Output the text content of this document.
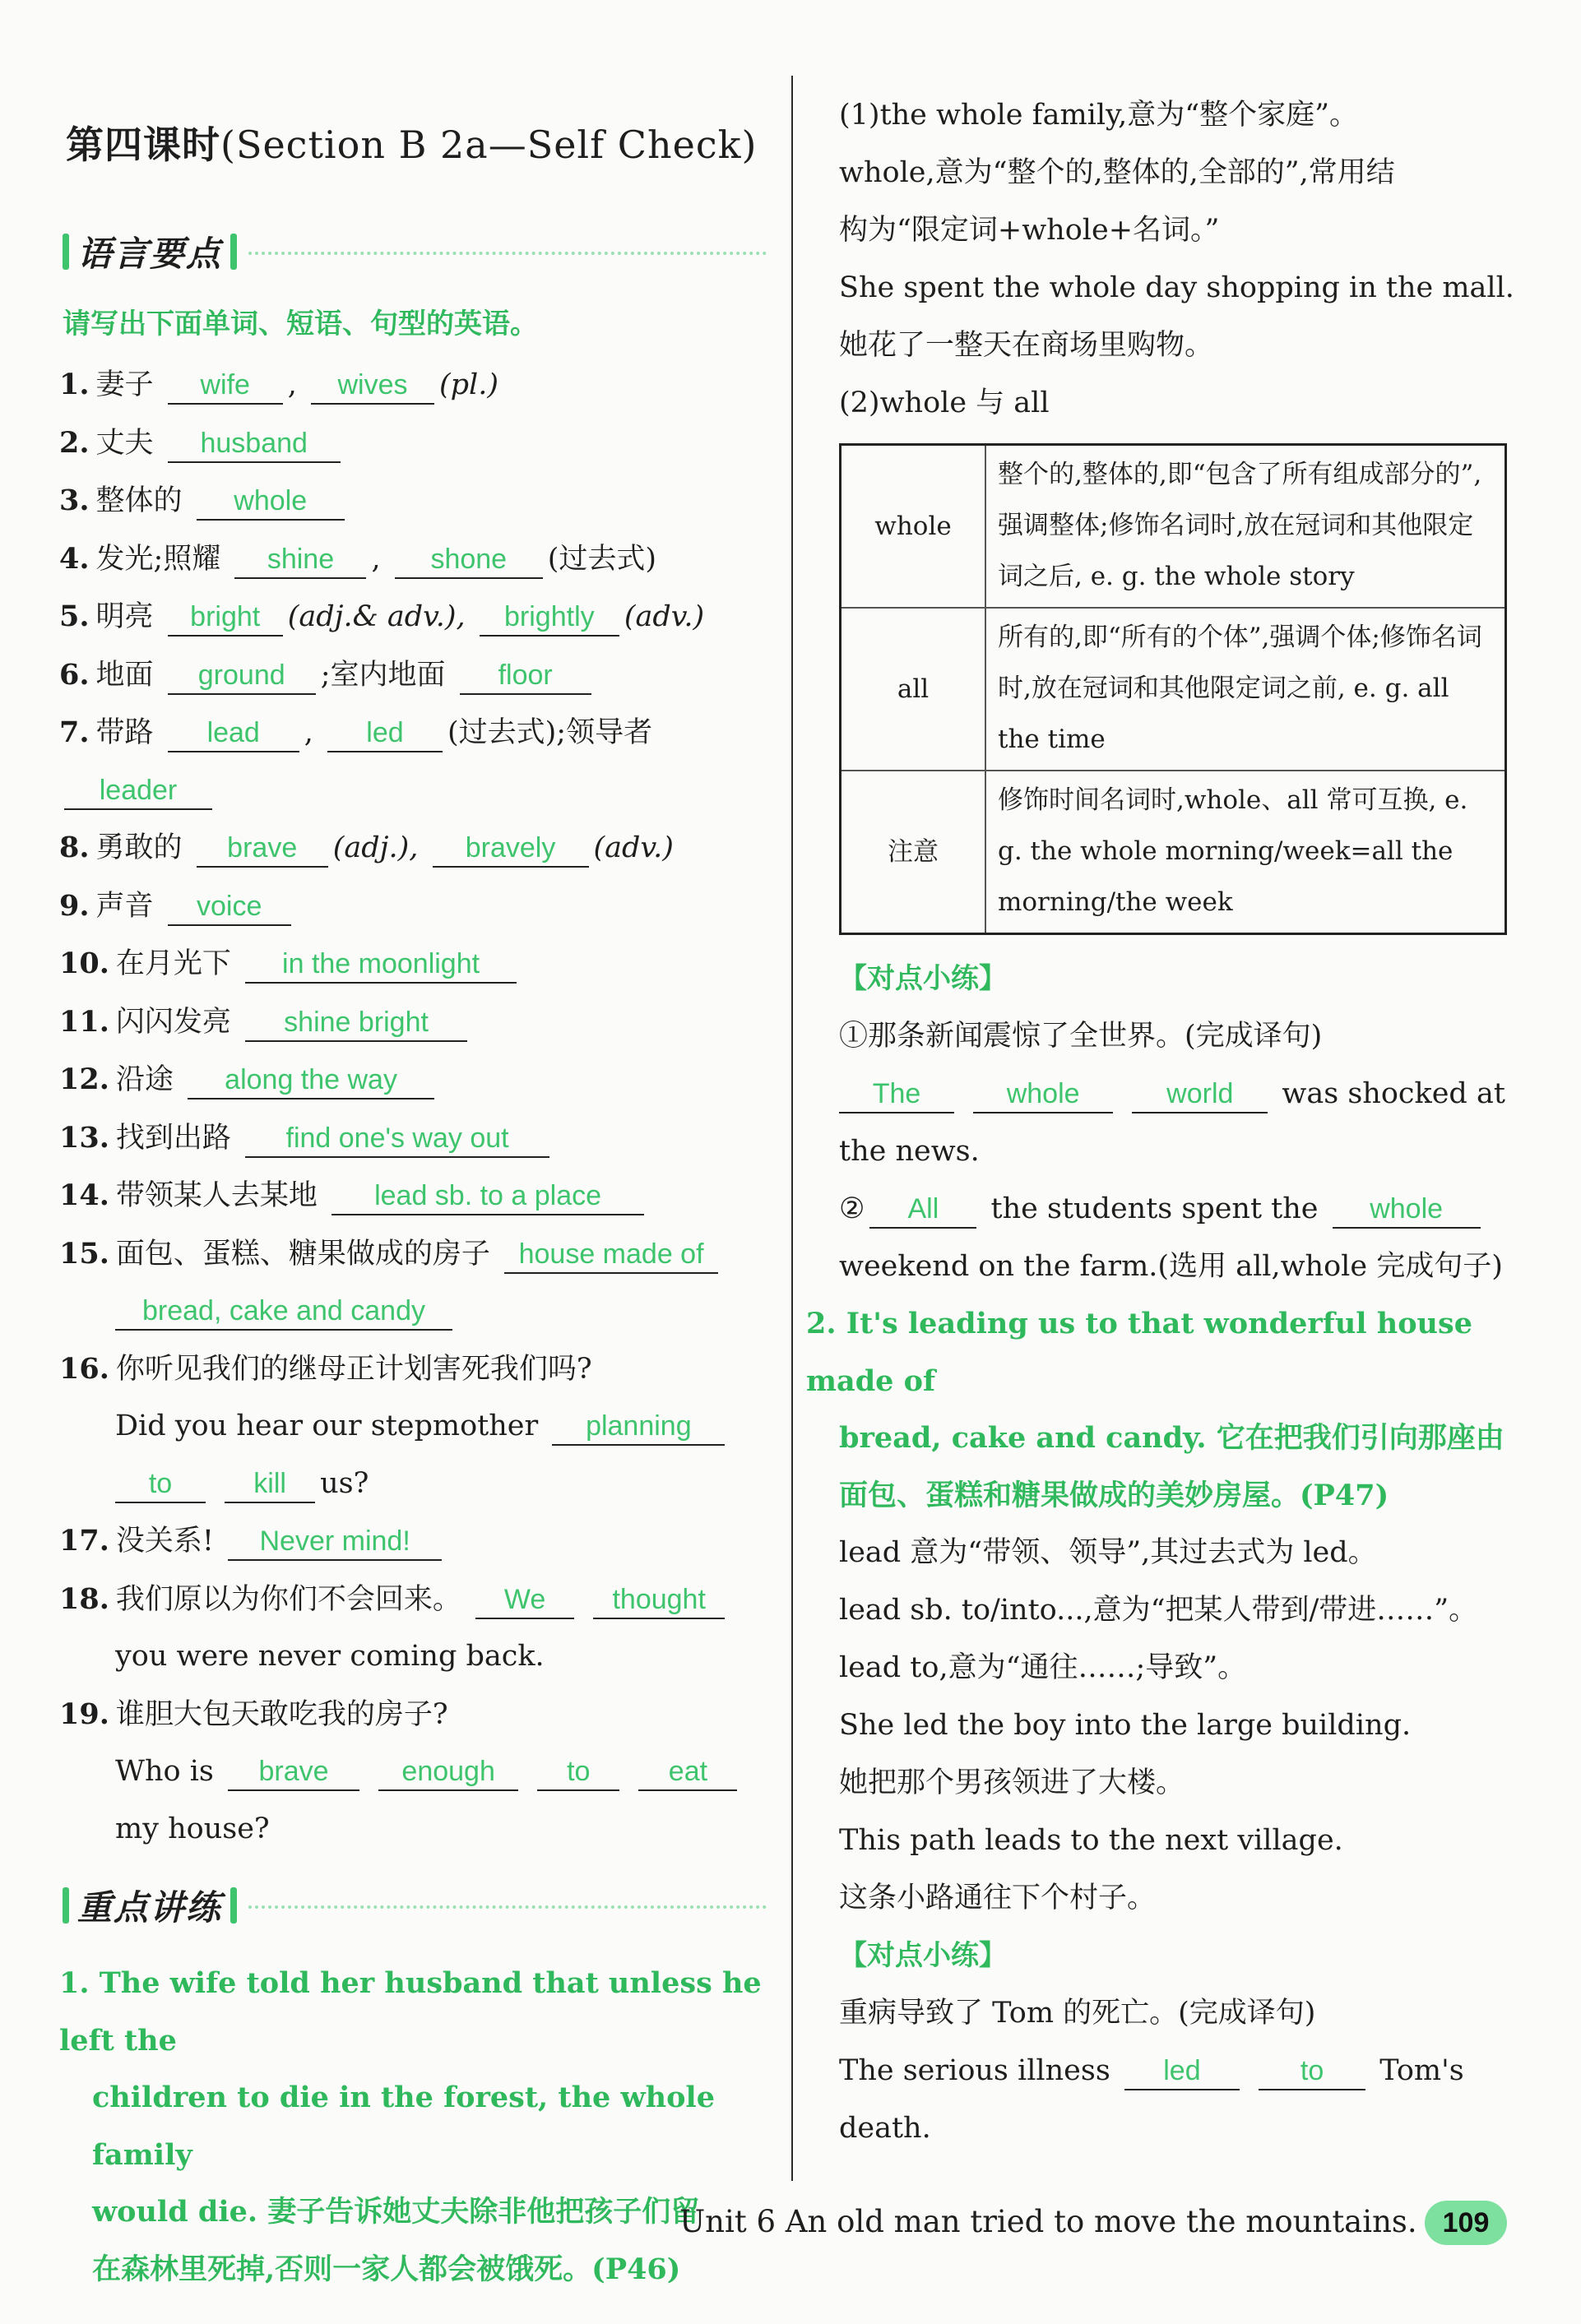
第四课时(Section B 2a—Self Check)
语言要点
请写出下面单词、短语、句型的英语。
1. 妻子 wife , wives (pl.)
2. 丈夫 husband
3. 整体的 whole
4. 发光;照耀 shine , shone (过去式)
5. 明亮 bright (adj.& adv.), brightly (adv.)
6. 地面 ground ;室内地面 floor
7. 带路 lead , led (过去式);领导者
leader
8. 勇敢的 brave (adj.), bravely (adv.)
9. 声音 voice
10. 在月光下 in the moonlight
11. 闪闪发亮 shine bright
12. 沿途 along the way
13. 找到出路 find one's way out
14. 带领某人去某地 lead sb. to a place
15. 面包、蛋糕、糖果做成的房子 house made of
bread, cake and candy
16. 你听见我们的继母正计划害死我们吗?
Did you hear our stepmother planning
to	kill us?
17. 没关系! Never mind!
18. 我们原以为你们不会回来。 We thought
you were never coming back.
19. 谁胆大包天敢吃我的房子?
Who is brave	enough	to	eat
my house?
重点讲练
1. The wife told her husband that unless he left the
children to die in the forest, the whole family
would die. 妻子告诉她丈夫除非他把孩子们留
在森林里死掉,否则一家人都会被饿死。(P46)
(1)the whole family,意为“整个家庭”。
whole,意为“整个的,整体的,全部的”,常用结
构为“限定词+whole+名词。”
She spent the whole day shopping in the mall.
她花了一整天在商场里购物。
(2)whole 与 all
whole	整个的,整体的,即“包含了所有组成部分的”,强调整体;修饰名词时,放在冠词和其他限定词之后, e. g. the whole story
all	所有的,即“所有的个体”,强调个体;修饰名词时,放在冠词和其他限定词之前, e. g. all the time
注意	修饰时间名词时,whole、all 常可互换, e. g. the whole morning/week=all the morning/the week
【对点小练】
①那条新闻震惊了全世界。(完成译句)
The	whole	world was shocked at
the news.
② All the students spent the whole
weekend on the farm.(选用 all,whole 完成句子)
2. It's leading us to that wonderful house made of
bread, cake and candy. 它在把我们引向那座由
面包、蛋糕和糖果做成的美妙房屋。(P47)
lead 意为“带领、领导”,其过去式为 led。
lead sb. to/into...,意为“把某人带到/带进……”。
lead to,意为“通往……;导致”。
She led the boy into the large building.
她把那个男孩领进了大楼。
This path leads to the next village.
这条小路通往下个村子。
【对点小练】
重病导致了 Tom 的死亡。(完成译句)
The serious illness led	to Tom's
death.
Unit 6 An old man tried to move the mountains. 109
